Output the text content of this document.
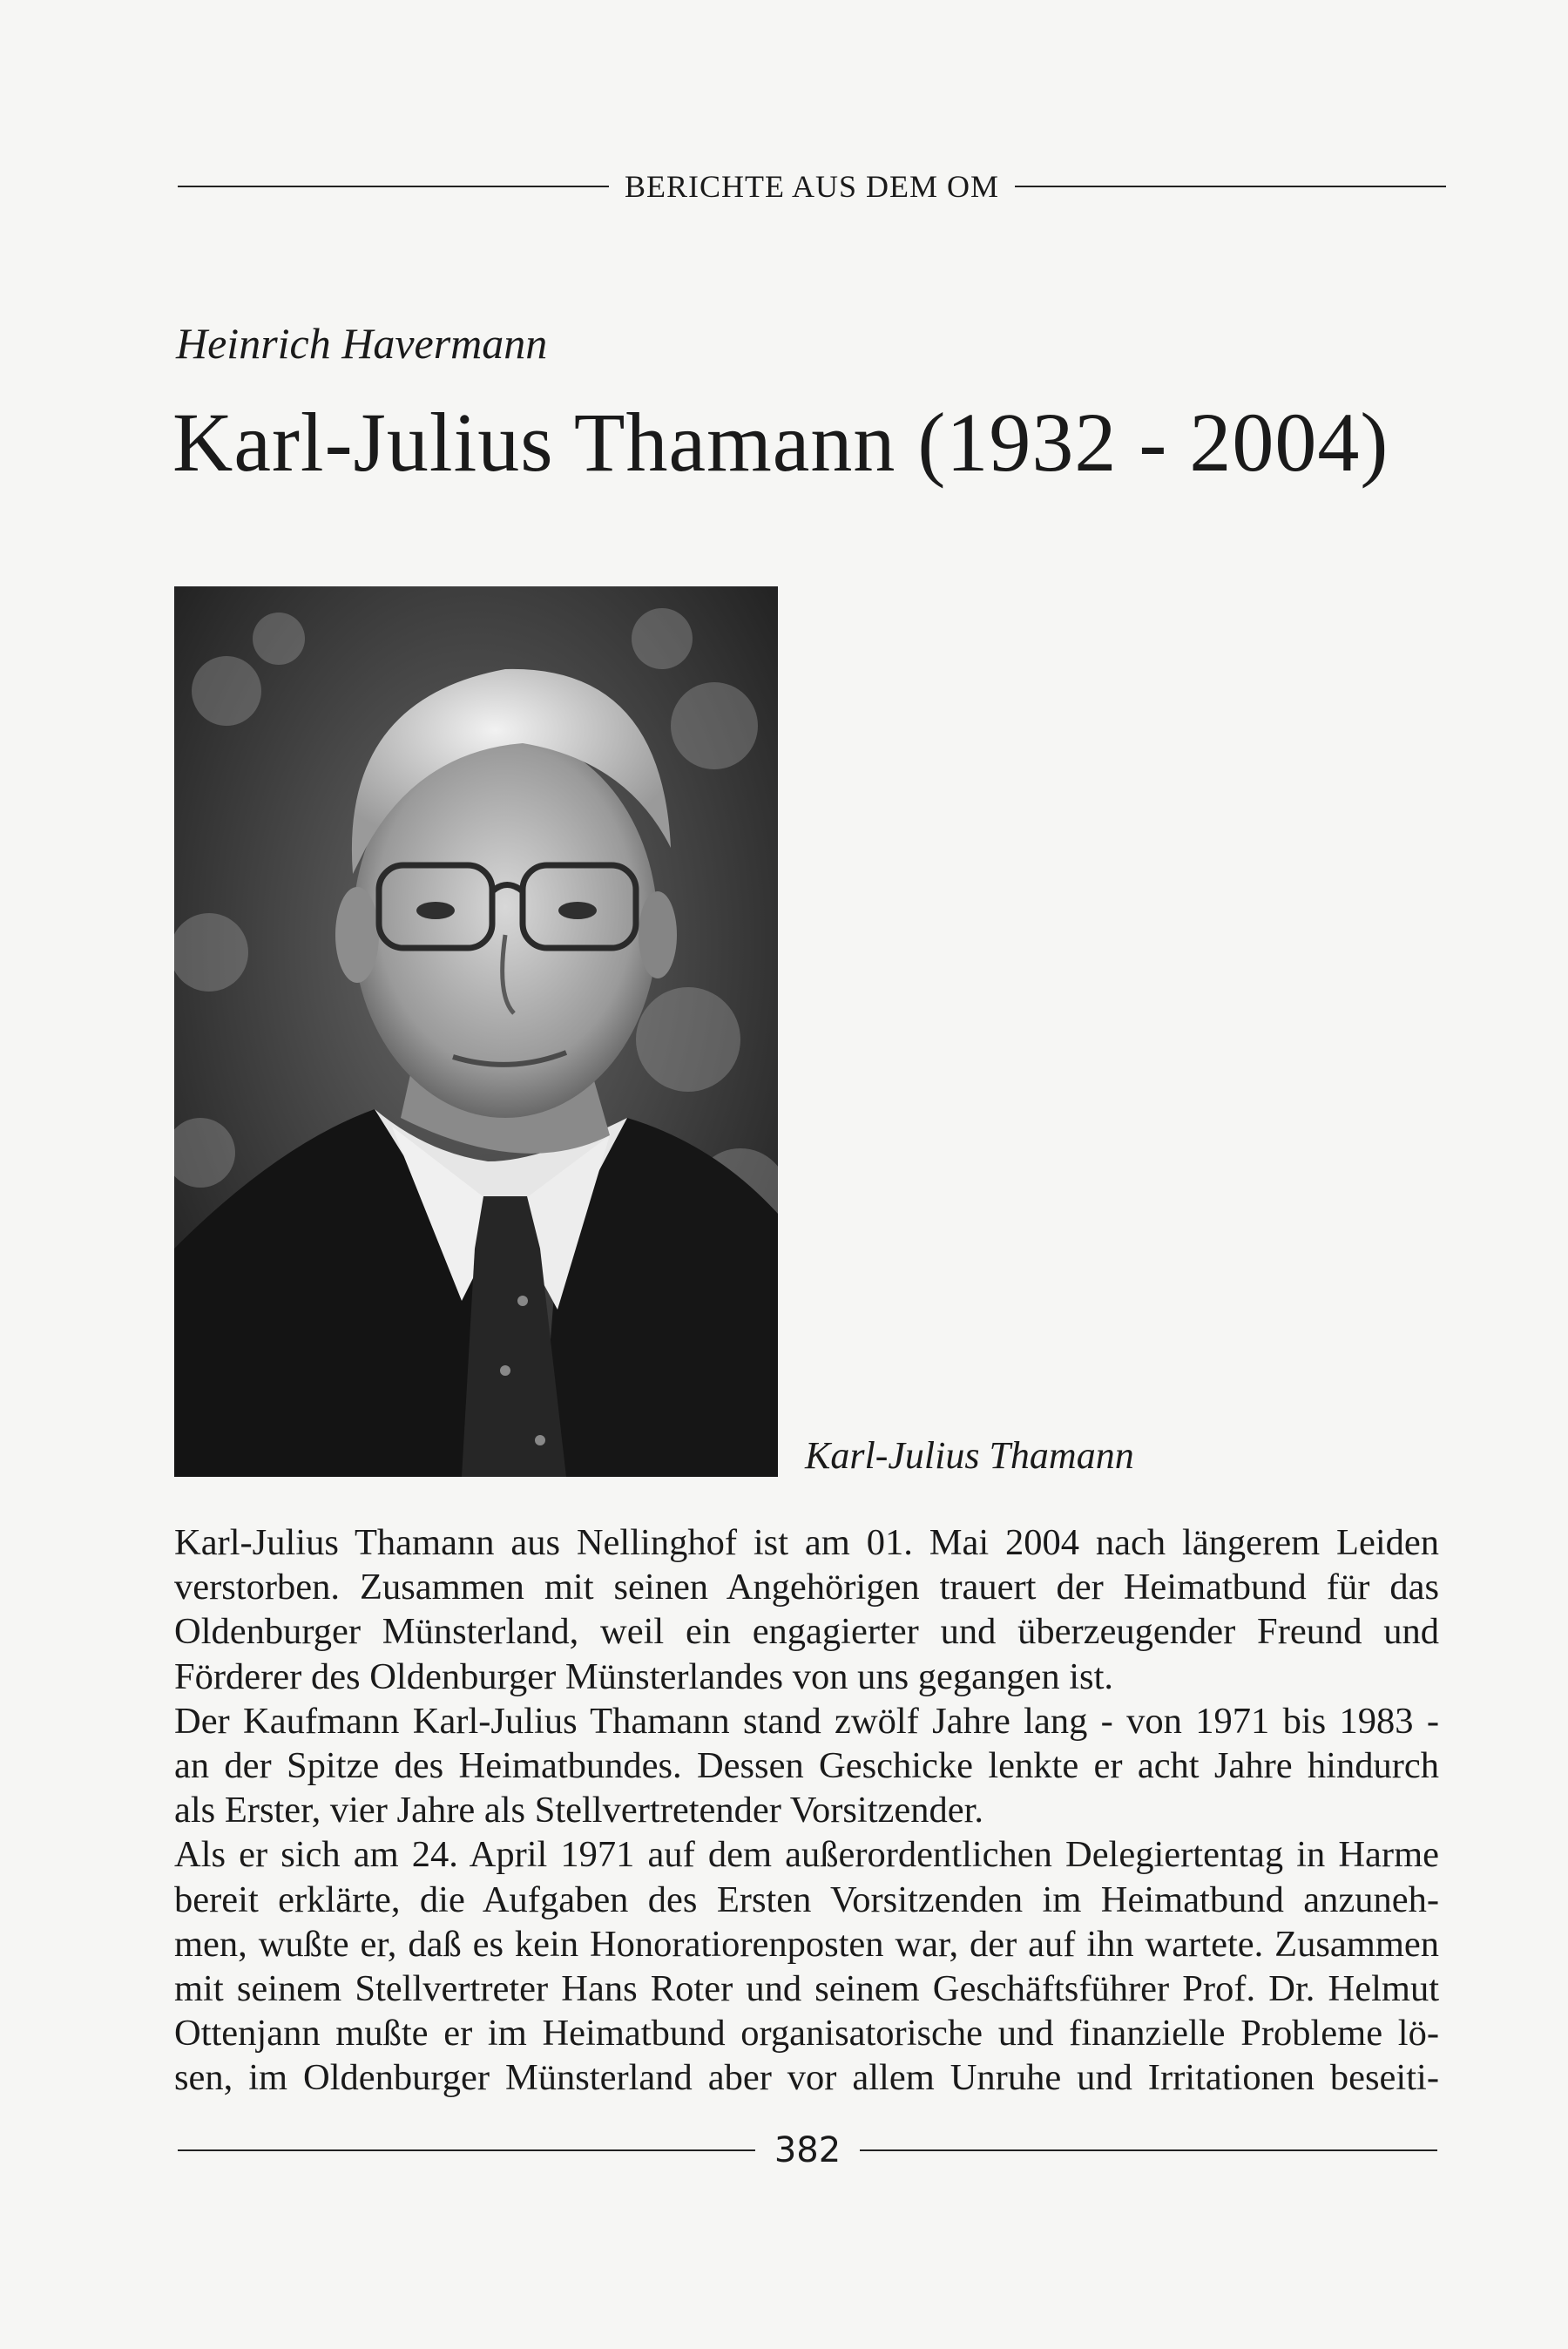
BERICHTE AUS DEM OM
Heinrich Havermann
Karl-Julius Thamann (1932 - 2004)
Karl-Julius Thamann

Karl-Julius Thamann aus Nellinghof ist am 01. Mai 2004 nach längerem Leiden
verstorben. Zusammen mit seinen Angehörigen trauert der Heimatbund für das
Oldenburger Münsterland, weil ein engagierter und überzeugender Freund und
Förderer des Oldenburger Münsterlandes von uns gegangen ist.

Der Kaufmann Karl-Julius Thamann stand zwölf Jahre lang - von 1971 bis 1983 -
an der Spitze des Heimatbundes. Dessen Geschicke lenkte er acht Jahre hindurch
als Erster, vier Jahre als Stellvertretender Vorsitzender.

Als er sich am 24. April 1971 auf dem außerordentlichen Delegiertentag in Harme
bereit erklärte, die Aufgaben des Ersten Vorsitzenden im Heimatbund anzuneh-
men, wußte er, daß es kein Honoratiorenposten war, der auf ihn wartete. Zusammen
mit seinem Stellvertreter Hans Roter und seinem Geschäftsführer Prof. Dr. Helmut
Ottenjann mußte er im Heimatbund organisatorische und finanzielle Probleme lö-
sen, im Oldenburger Münsterland aber vor allem Unruhe und Irritationen beseiti-

382
